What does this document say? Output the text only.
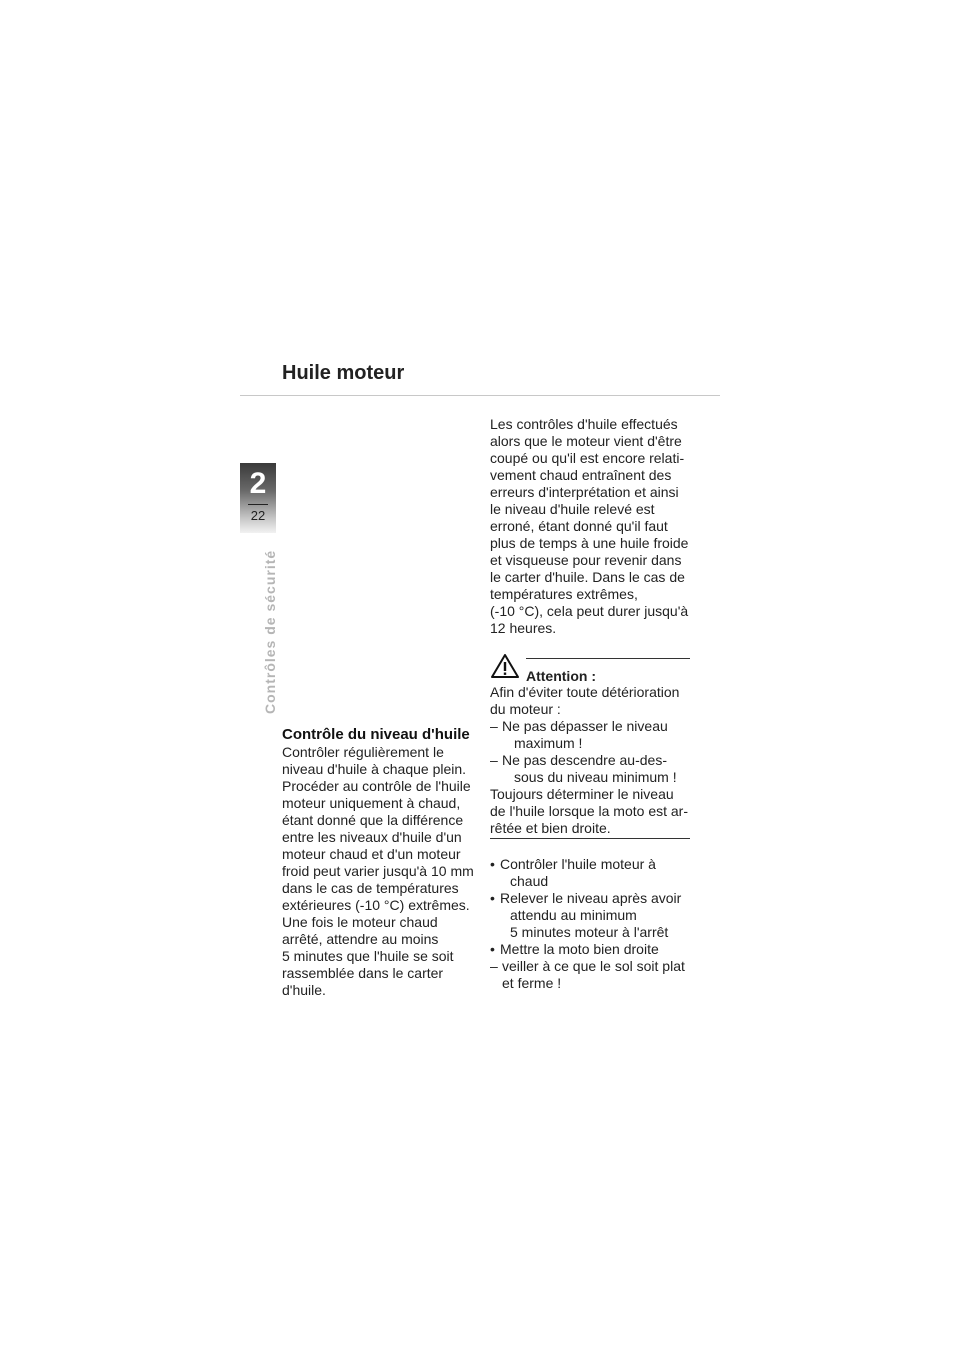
Huile moteur
2
22
Contrôles de sécurité
Contrôle du niveau d'huile
Contrôler régulièrement le
niveau d'huile à chaque plein.
Procéder au contrôle de l'huile
moteur uniquement à chaud,
étant donné que la différence
entre les niveaux d'huile d'un
moteur chaud et d'un moteur
froid peut varier jusqu'à 10 mm
dans le cas de températures
extérieures (-10 °C) extrêmes.
Une fois le moteur chaud
arrêté, attendre au moins
5 minutes que l'huile se soit
rassemblée dans le carter
d'huile.
Les contrôles d'huile effectués
alors que le moteur vient d'être
coupé ou qu'il est encore relati-
vement chaud entraînent des
erreurs d'interprétation et ainsi
le niveau d'huile relevé est
erroné, étant donné qu'il faut
plus de temps à une huile froide
et visqueuse pour revenir dans
le carter d'huile. Dans le cas de
températures extrêmes,
(-10 °C), cela peut durer jusqu'à
12 heures.
Attention :
Afin d'éviter toute détérioration
du moteur :
– Ne pas dépasser le niveau
maximum !
– Ne pas descendre au-des-
sous du niveau minimum !
Toujours déterminer le niveau
de l'huile lorsque la moto est ar-
rêtée et bien droite.
• Contrôler l'huile moteur à
chaud
• Relever le niveau après avoir
attendu au minimum
5 minutes moteur à l'arrêt
• Mettre la moto bien droite
– veiller à ce que le sol soit plat
et ferme !
